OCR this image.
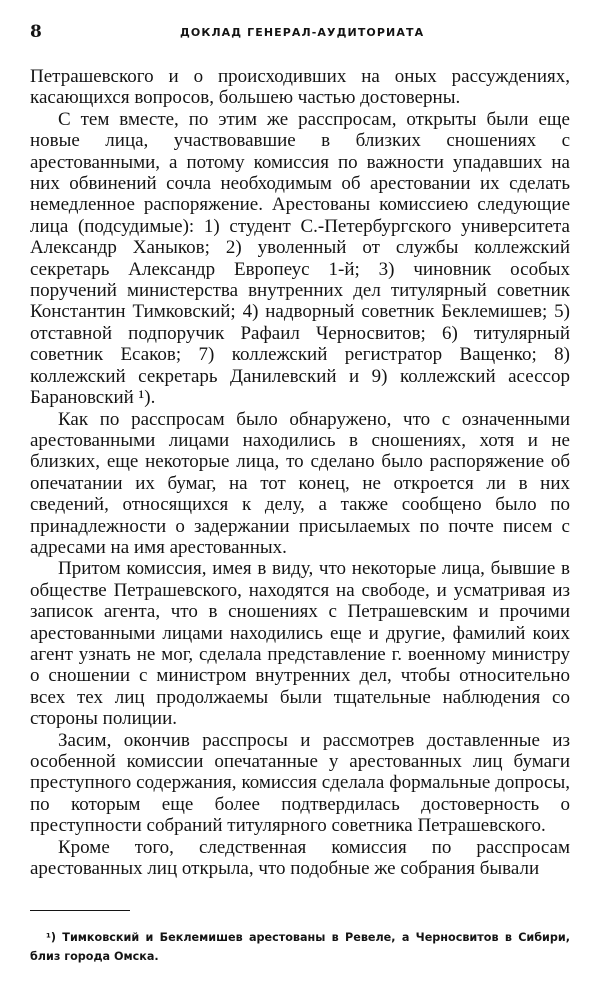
8	ДОКЛАД ГЕНЕРАЛ-АУДИТОРИАТА

Петрашевского и о происходивших на оных рассуждениях, касающихся вопросов, большею частью достоверны.

С тем вместе, по этим же расспросам, открыты были еще новые лица, участвовавшие в близких сношениях с арестованными, а потому комиссия по важности упадавших на них обвинений сочла необходимым об арестовании их сделать немедленное распоряжение. Арестованы комиссиею следующие лица (подсудимые): 1) студент С.-Петербургского университета Александр Ханыков; 2) уволенный от службы коллежский секретарь Александр Европеус 1-й; 3) чиновник особых поручений министерства внутренних дел титулярный советник Константин Тимковский; 4) надворный советник Беклемишев; 5) отставной подпоручик Рафаил Черносвитов; 6) титулярный советник Есаков; 7) коллежский регистратор Ващенко; 8) коллежский секретарь Данилевский и 9) коллежский асессор Барановский ¹).

Как по расспросам было обнаружено, что с означенными арестованными лицами находились в сношениях, хотя и не близких, еще некоторые лица, то сделано было распоряжение об опечатании их бумаг, на тот конец, не откроется ли в них сведений, относящихся к делу, а также сообщено было по принадлежности о задержании присылаемых по почте писем с адресами на имя арестованных.

Притом комиссия, имея в виду, что некоторые лица, бывшие в обществе Петрашевского, находятся на свободе, и усматривая из записок агента, что в сношениях с Петрашевским и прочими арестованными лицами находились еще и другие, фамилий коих агент узнать не мог, сделала представление г. военному министру о сношении с министром внутренних дел, чтобы относительно всех тех лиц продолжаемы были тщательные наблюдения со стороны полиции.

Засим, окончив расспросы и рассмотрев доставленные из особенной комиссии опечатанные у арестованных лиц бумаги преступного содержания, комиссия сделала формальные допросы, по которым еще более подтвердилась достоверность о преступности собраний титулярного советника Петрашевского.

Кроме того, следственная комиссия по расспросам арестованных лиц открыла, что подобные же собрания бывали

¹) Тимковский и Беклемишев арестованы в Ревеле, а Черносвитов в Сибири, близ города Омска.
